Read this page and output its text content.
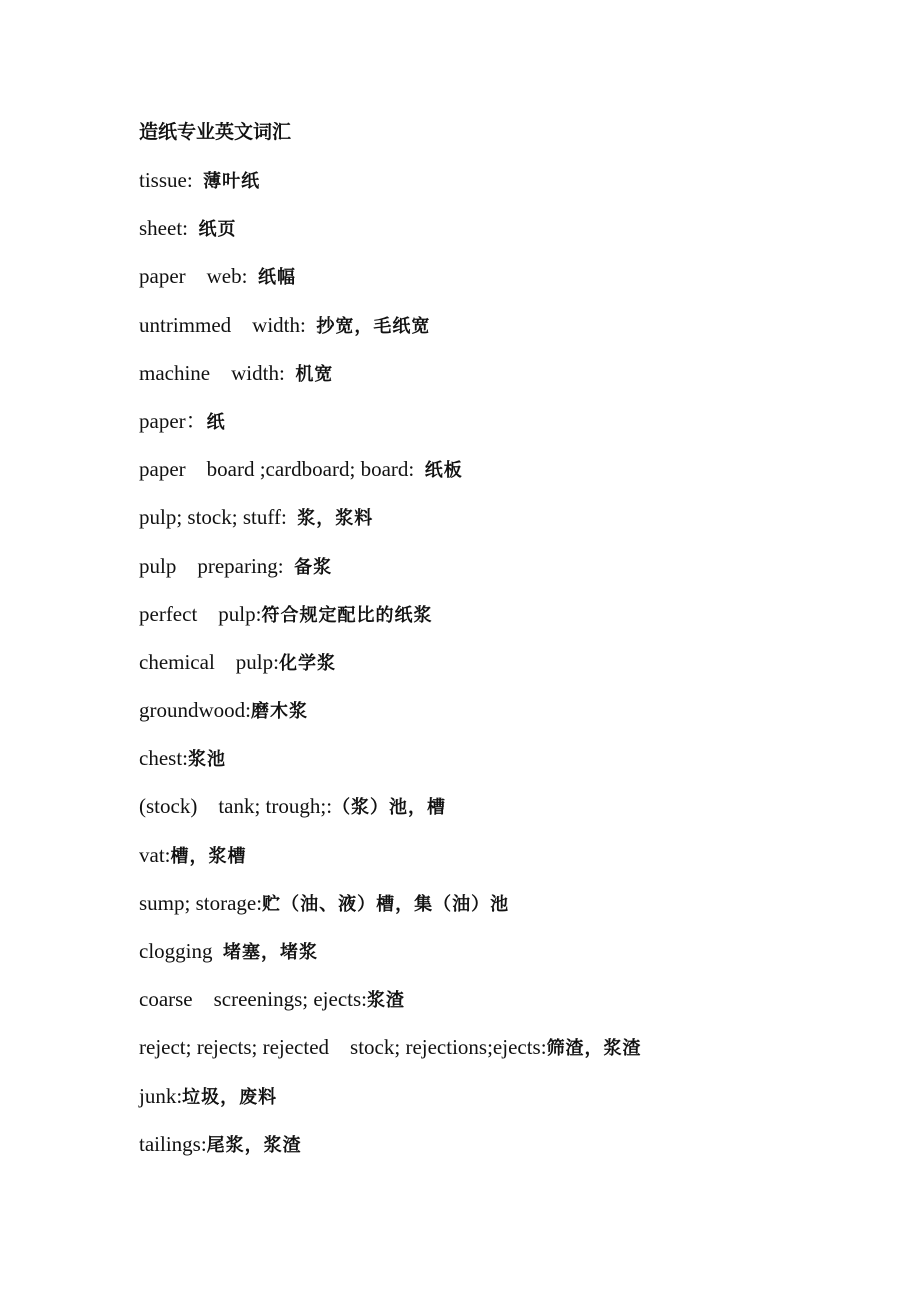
造纸专业英文词汇
tissue:  薄叶纸
sheet:  纸页
paper    web:  纸幅
untrimmed    width:  抄宽，毛纸宽
machine    width:  机宽
paper：纸
paper    board ;cardboard; board:  纸板
pulp; stock; stuff:  浆，浆料
pulp    preparing:  备浆
perfect    pulp:符合规定配比的纸浆
chemical    pulp:化学浆
groundwood:磨木浆
chest:浆池
(stock)    tank; trough;:（浆）池，槽
vat:槽，浆槽
sump; storage:贮（油、液）槽，集（油）池
clogging  堵塞，堵浆
coarse    screenings; ejects:浆渣
reject; rejects; rejected    stock; rejections;ejects:筛渣，浆渣
junk:垃圾，废料
tailings:尾浆，浆渣
